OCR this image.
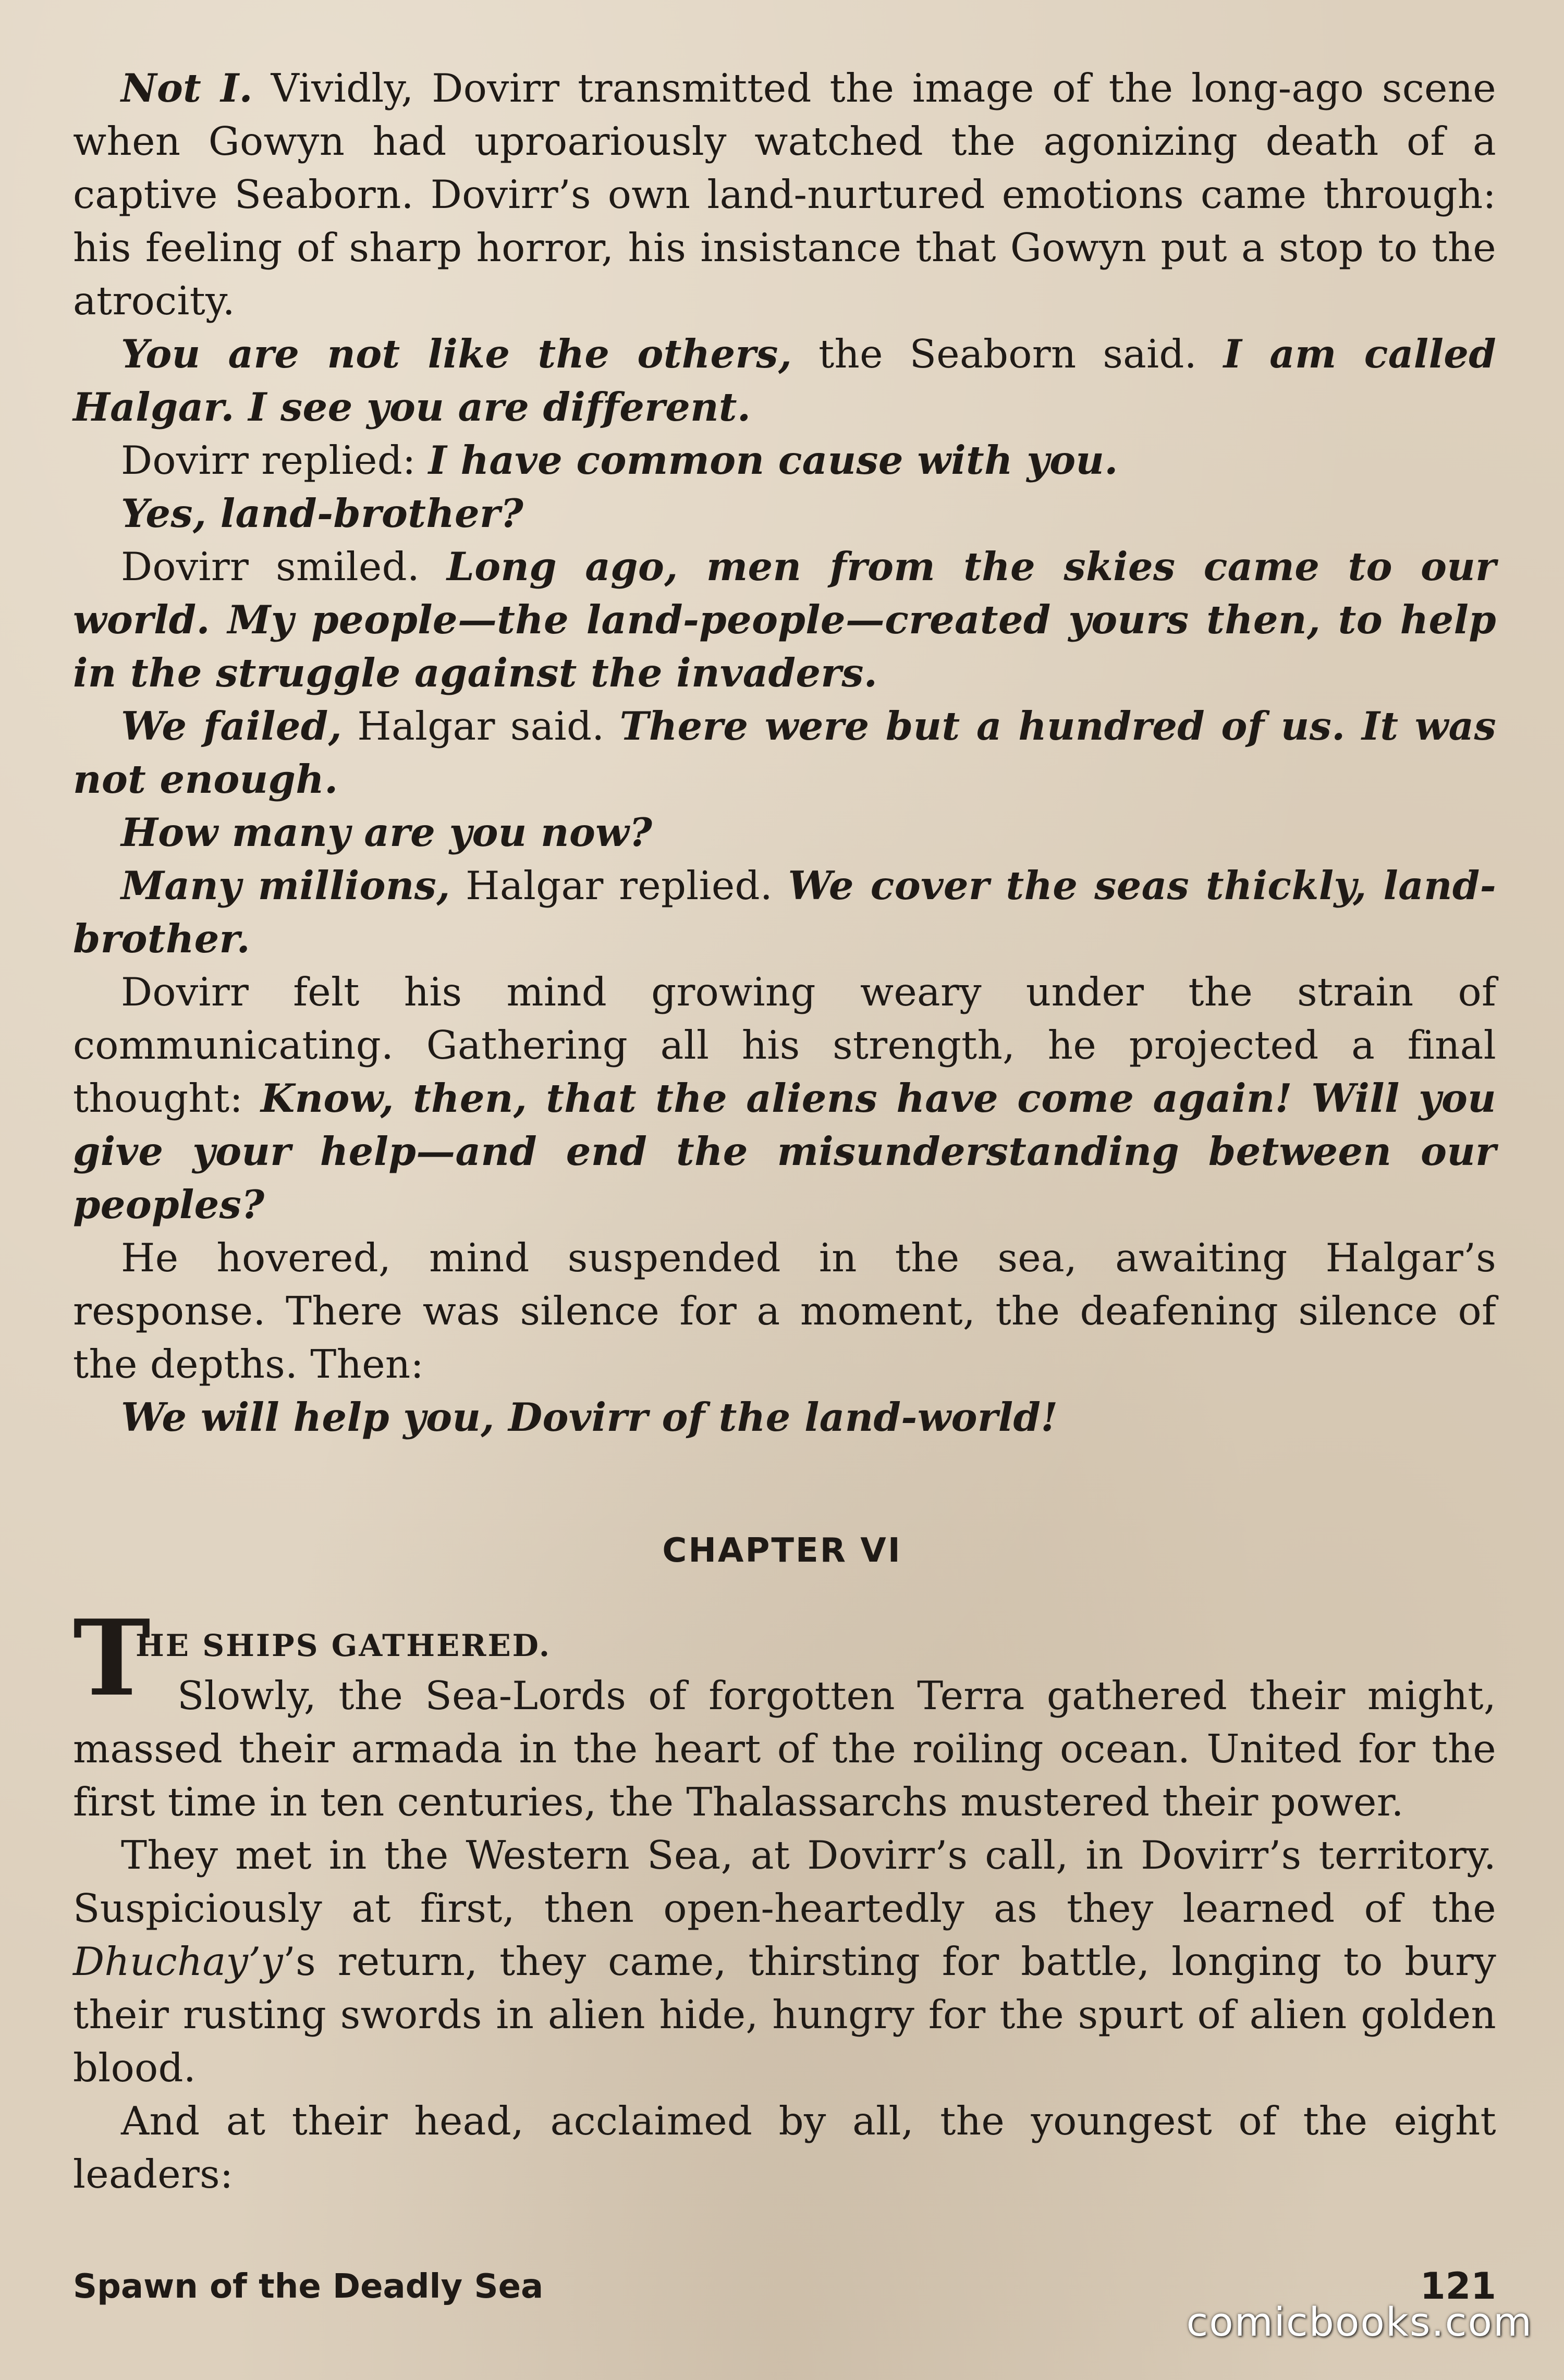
Not I. Vividly, Dovirr transmitted the image of the long-ago scene when Gowyn had uproariously watched the agonizing death of a captive Seaborn. Dovirr’s own land-nurtured emotions came through: his feeling of sharp horror, his insistance that Gowyn put a stop to the atrocity.

You are not like the others, the Seaborn said. I am called Halgar. I see you are different.

Dovirr replied: I have common cause with you.

Yes, land-brother?

Dovirr smiled. Long ago, men from the skies came to our world. My people—the land-people—created yours then, to help in the struggle against the invaders.

We failed, Halgar said. There were but a hundred of us. It was not enough.

How many are you now?

Many millions, Halgar replied. We cover the seas thickly, land-brother.

Dovirr felt his mind growing weary under the strain of communicating. Gathering all his strength, he projected a final thought: Know, then, that the aliens have come again! Will you give your help—and end the misunderstanding between our peoples?

He hovered, mind suspended in the sea, awaiting Halgar’s response. There was silence for a moment, the deafening silence of the depths. Then:

We will help you, Dovirr of the land-world!

CHAPTER VI
T
HE SHIPS GATHERED.

Slowly, the Sea-Lords of forgotten Terra gathered their might, massed their armada in the heart of the roiling ocean. United for the first time in ten centuries, the Thalassarchs mustered their power.

They met in the Western Sea, at Dovirr’s call, in Dovirr’s territory. Suspiciously at first, then open-heartedly as they learned of the Dhuchay’y’s return, they came, thirsting for battle, longing to bury their rusting swords in alien hide, hungry for the spurt of alien golden blood.

And at their head, acclaimed by all, the youngest of the eight leaders:

Spawn of the Deadly Sea	121
comicbooks.com
